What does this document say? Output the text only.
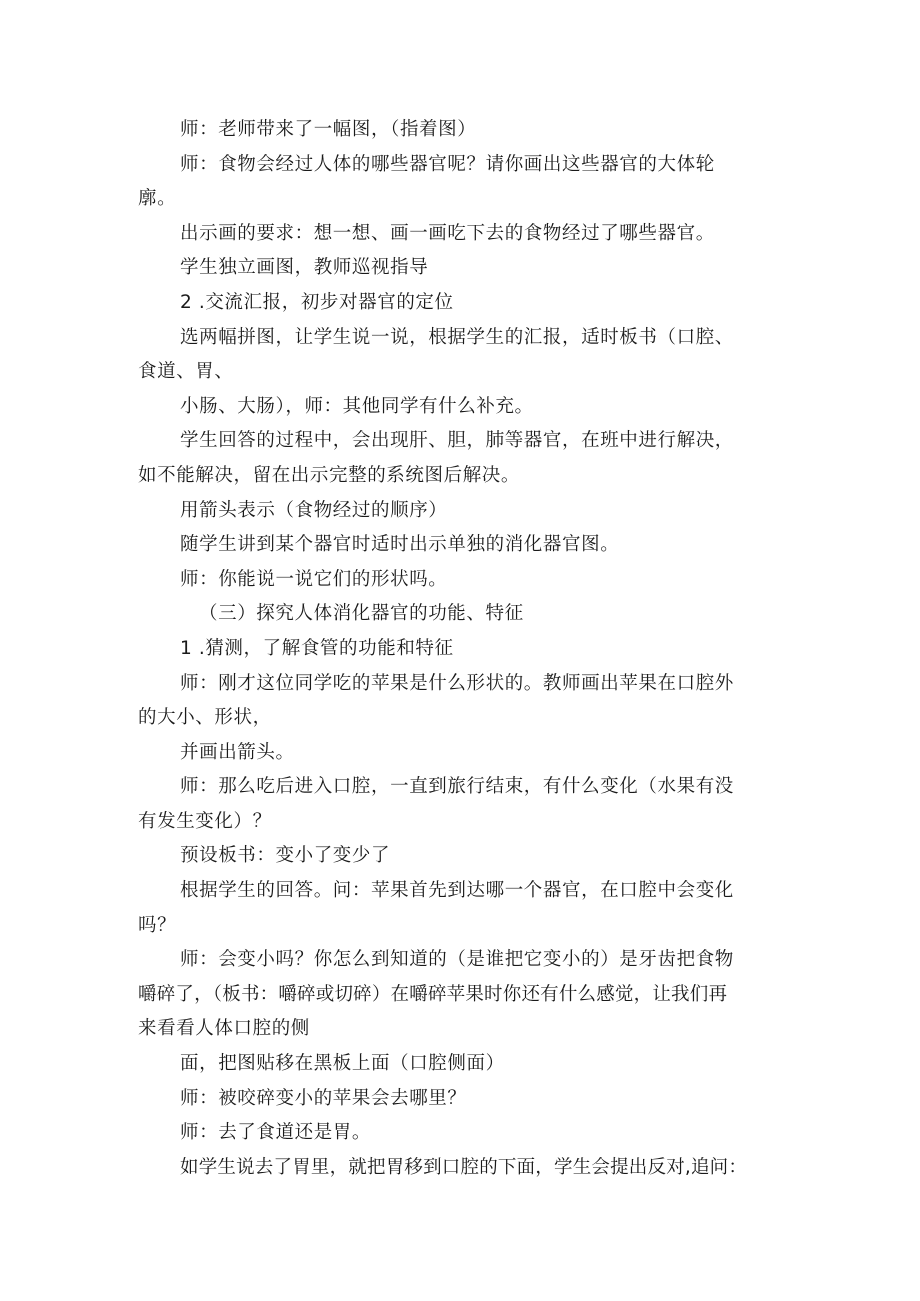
师：老师带来了一幅图，（指着图）

师：食物会经过人体的哪些器官呢？请你画出这些器官的大体轮

廓。

出示画的要求：想一想、画一画吃下去的食物经过了哪些器官。

学生独立画图，教师巡视指导

2 .交流汇报，初步对器官的定位

选两幅拼图，让学生说一说，根据学生的汇报，适时板书（口腔、

食道、胃、

小肠、大肠），师：其他同学有什么补充。

学生回答的过程中，会出现肝、胆，肺等器官，在班中进行解决，

如不能解决，留在出示完整的系统图后解决。

用箭头表示（食物经过的顺序）

随学生讲到某个器官时适时出示单独的消化器官图。

师：你能说一说它们的形状吗。

（三）探究人体消化器官的功能、特征

1 .猜测，了解食管的功能和特征

师：刚才这位同学吃的苹果是什么形状的。教师画出苹果在口腔外

的大小、形状，

并画出箭头。

师：那么吃后进入口腔，一直到旅行结束，有什么变化（水果有没

有发生变化）？

预设板书：变小了变少了

根据学生的回答。问：苹果首先到达哪一个器官，在口腔中会变化

吗？

师：会变小吗？你怎么到知道的（是谁把它变小的）是牙齿把食物

嚼碎了，（板书：嚼碎或切碎）在嚼碎苹果时你还有什么感觉，让我们再

来看看人体口腔的侧

面，把图贴移在黑板上面（口腔侧面）

师：被咬碎变小的苹果会去哪里？

师：去了食道还是胃。

如学生说去了胃里，就把胃移到口腔的下面，学生会提出反对,追问：
